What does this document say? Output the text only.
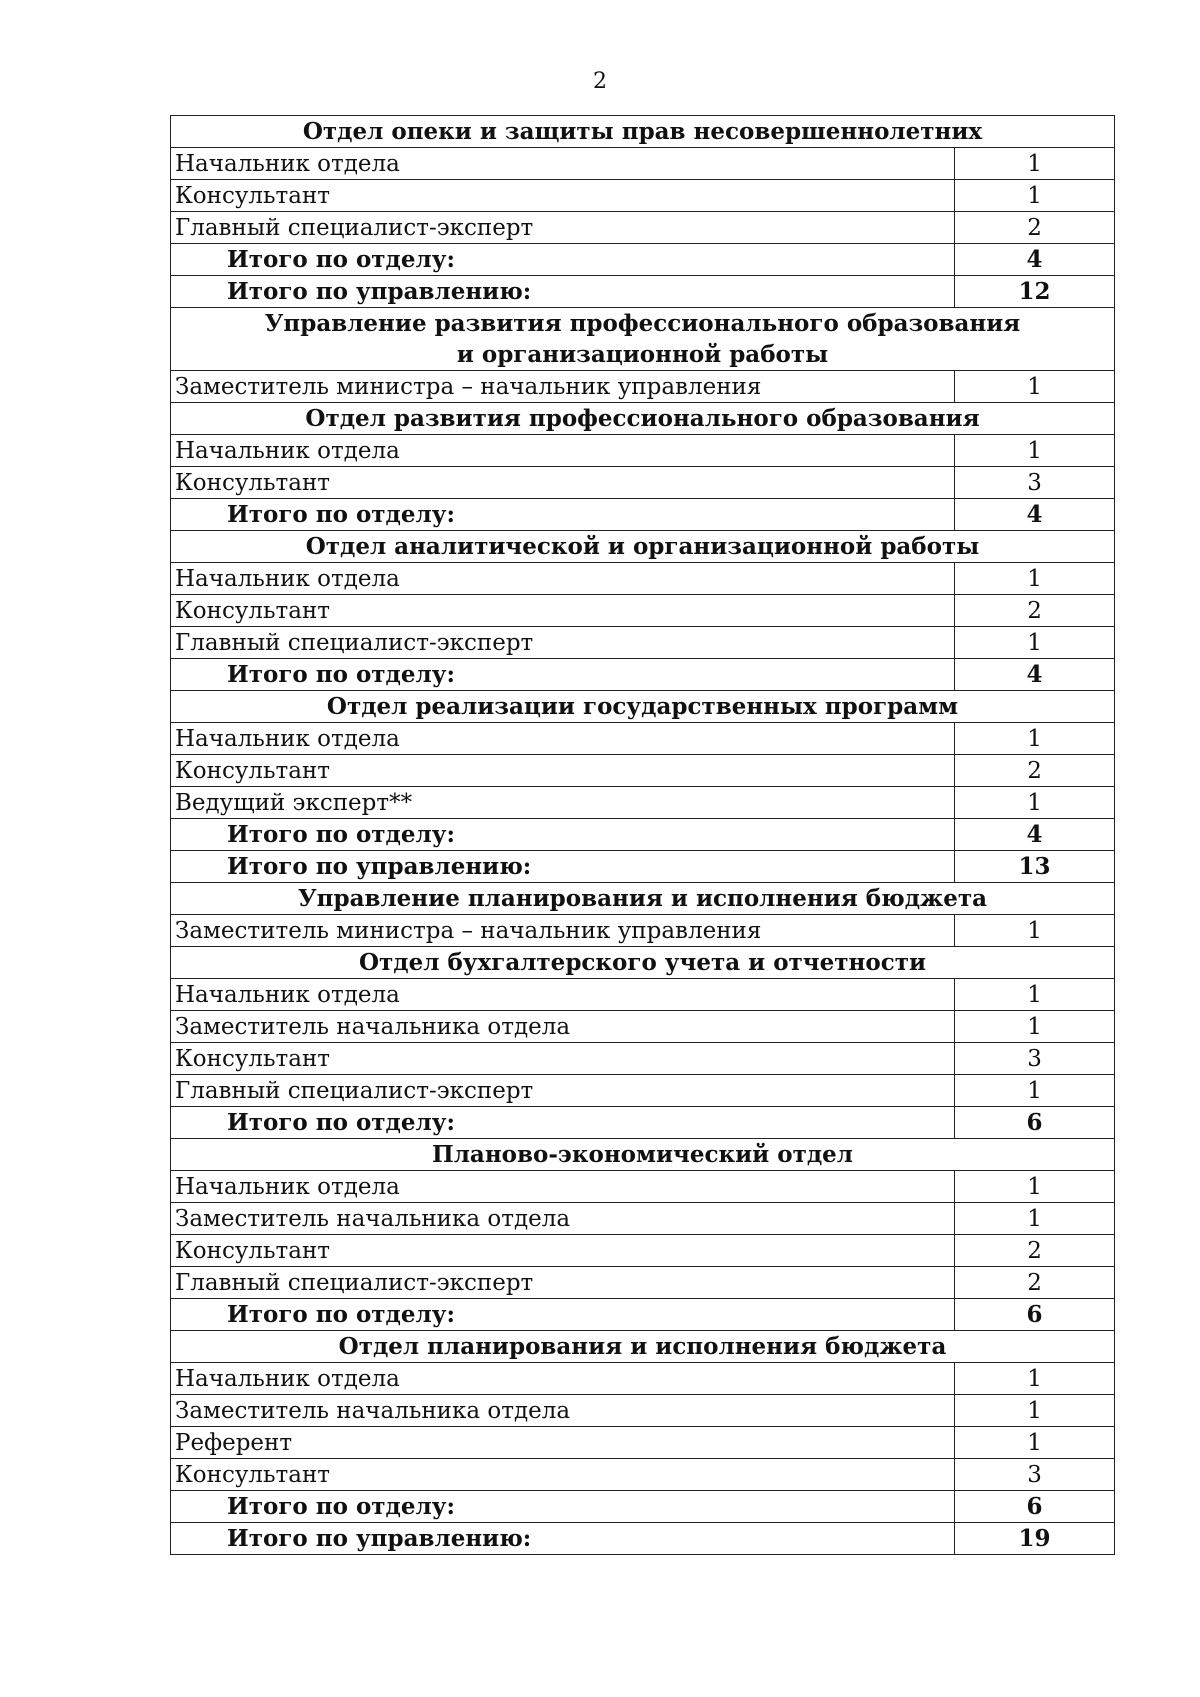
2
Отдел опеки и защиты прав несовершеннолетних	
Начальник отдела	1
Консультант	1
Главный специалист-эксперт	2
Итого по отделу:	4
Итого по управлению:	12

Управление развития профессионального образования
и организационной работы	

Заместитель министра – начальник управления	1
Отдел развития профессионального образования	
Начальник отдела	1
Консультант	3
Итого по отделу:	4
Отдел аналитической и организационной работы	
Начальник отдела	1
Консультант	2
Главный специалист-эксперт	1
Итого по отделу:	4
Отдел реализации государственных программ	
Начальник отдела	1
Консультант	2
Ведущий эксперт**	1
Итого по отделу:	4
Итого по управлению:	13
Управление планирования и исполнения бюджета	
Заместитель министра – начальник управления	1
Отдел бухгалтерского учета и отчетности	
Начальник отдела	1
Заместитель начальника отдела	1
Консультант	3
Главный специалист-эксперт	1
Итого по отделу:	6
Планово-экономический отдел	
Начальник отдела	1
Заместитель начальника отдела	1
Консультант	2
Главный специалист-эксперт	2
Итого по отделу:	6
Отдел планирования и исполнения бюджета	
Начальник отдела	1
Заместитель начальника отдела	1
Референт	1
Консультант	3
Итого по отделу:	6
Итого по управлению:	19
